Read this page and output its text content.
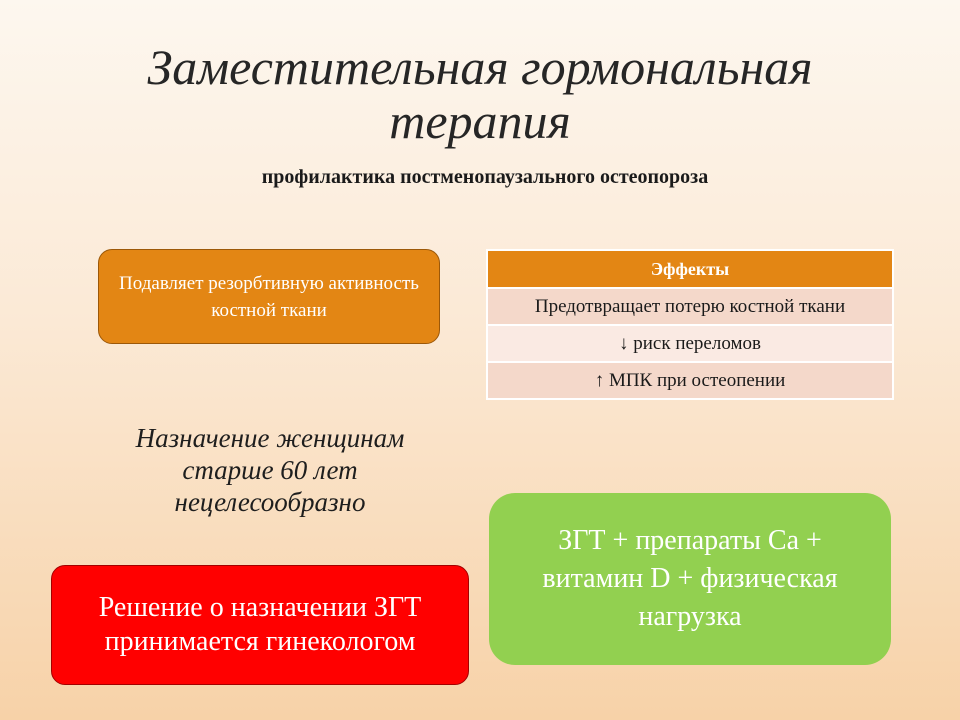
Заместительная гормональная терапия
профилактика постменопаузального остеопороза
Подавляет резорбтивную активность костной ткани
Эффекты
Предотвращает потерю костной ткани
↓ риск переломов
↑ МПК при остеопении
Назначение женщинам старше 60 лет нецелесообразно
Решение о назначении ЗГТ принимается гинекологом
ЗГТ + препараты Са + витамин D + физическая нагрузка
